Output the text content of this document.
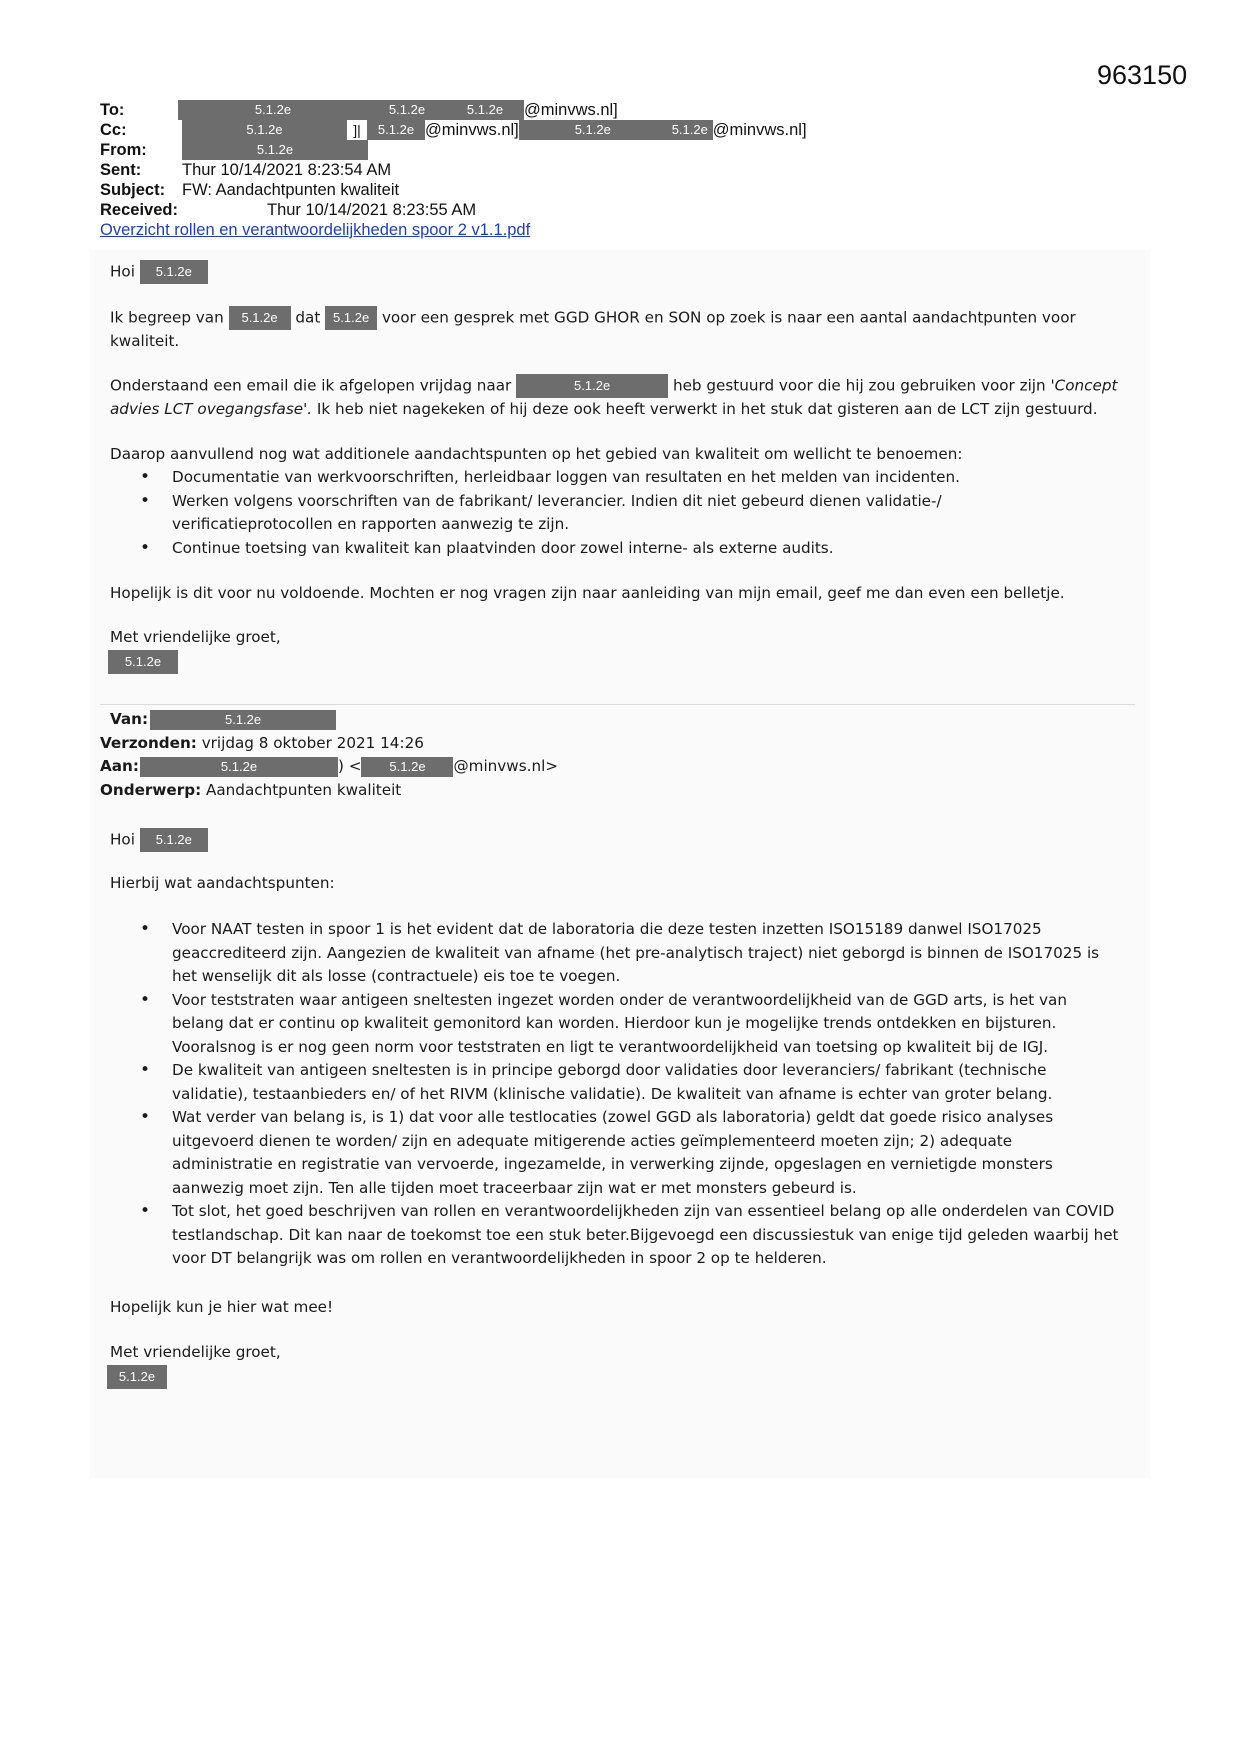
963150
To:	5.1.2e	5.1.2e	5.1.2e	@minvws.nl]
Cc:	5.1.2e	]|	5.1.2e @minvws.nl]	5.1.2e	5.1.2e @minvws.nl]
From:	5.1.2e
Sent:	Thur 10/14/2021 8:23:54 AM
Subject:	FW: Aandachtpunten kwaliteit
Received:	Thur 10/14/2021 8:23:55 AM
Overzicht rollen en verantwoordelijkheden spoor 2 v1.1.pdf
Hoi 5.1.2e
Ik begreep van 5.1.2e dat 5.1.2e voor een gesprek met GGD GHOR en SON op zoek is naar een aantal aandachtpunten voor
kwaliteit.
Onderstaand een email die ik afgelopen vrijdag naar	5.1.2e	heb gestuurd voor die hij zou gebruiken voor zijn 'Concept
advies LCT ovegangsfase'. Ik heb niet nagekeken of hij deze ook heeft verwerkt in het stuk dat gisteren aan de LCT zijn gestuurd.
Daarop aanvullend nog wat additionele aandachtspunten op het gebied van kwaliteit om wellicht te benoemen:
• Documentatie van werkvoorschriften, herleidbaar loggen van resultaten en het melden van incidenten.
• Werken volgens voorschriften van de fabrikant/ leverancier. Indien dit niet gebeurd dienen validatie-/
verificatieprotocollen en rapporten aanwezig te zijn.
• Continue toetsing van kwaliteit kan plaatvinden door zowel interne- als externe audits.
Hopelijk is dit voor nu voldoende. Mochten er nog vragen zijn naar aanleiding van mijn email, geef me dan even een belletje.
Met vriendelijke groet,
5.1.2e
Van:	5.1.2e
Verzonden:
vrijdag 8 oktober 2021 14:26
Aan:	5.1.2e	) <	5.1.2e	@minvws.nl>
Onderwerp:
Aandachtpunten kwaliteit
Hoi 5.1.2e
Hierbij wat aandachtspunten:
• Voor NAAT testen in spoor 1 is het evident dat de laboratoria die deze testen inzetten ISO15189 danwel ISO17025
geaccrediteerd zijn. Aangezien de kwaliteit van afname (het pre-analytisch traject) niet geborgd is binnen de ISO17025 is
het wenselijk dit als losse (contractuele) eis toe te voegen.
• Voor teststraten waar antigeen sneltesten ingezet worden onder de verantwoordelijkheid van de GGD arts, is het van
belang dat er continu op kwaliteit gemonitord kan worden. Hierdoor kun je mogelijke trends ontdekken en bijsturen.
Vooralsnog is er nog geen norm voor teststraten en ligt te verantwoordelijkheid van toetsing op kwaliteit bij de IGJ.
• De kwaliteit van antigeen sneltesten is in principe geborgd door validaties door leveranciers/ fabrikant (technische
validatie), testaanbieders en/ of het RIVM (klinische validatie). De kwaliteit van afname is echter van groter belang.
• Wat verder van belang is, is 1) dat voor alle testlocaties (zowel GGD als laboratoria) geldt dat goede risico analyses
uitgevoerd dienen te worden/ zijn en adequate mitigerende acties geïmplementeerd moeten zijn; 2) adequate
administratie en registratie van vervoerde, ingezamelde, in verwerking zijnde, opgeslagen en vernietigde monsters
aanwezig moet zijn. Ten alle tijden moet traceerbaar zijn wat er met monsters gebeurd is.
• Tot slot, het goed beschrijven van rollen en verantwoordelijkheden zijn van essentieel belang op alle onderdelen van COVID
testlandschap. Dit kan naar de toekomst toe een stuk beter.Bijgevoegd een discussiestuk van enige tijd geleden waarbij het
voor DT belangrijk was om rollen en verantwoordelijkheden in spoor 2 op te helderen.
Hopelijk kun je hier wat mee!
Met vriendelijke groet,
5.1.2e
